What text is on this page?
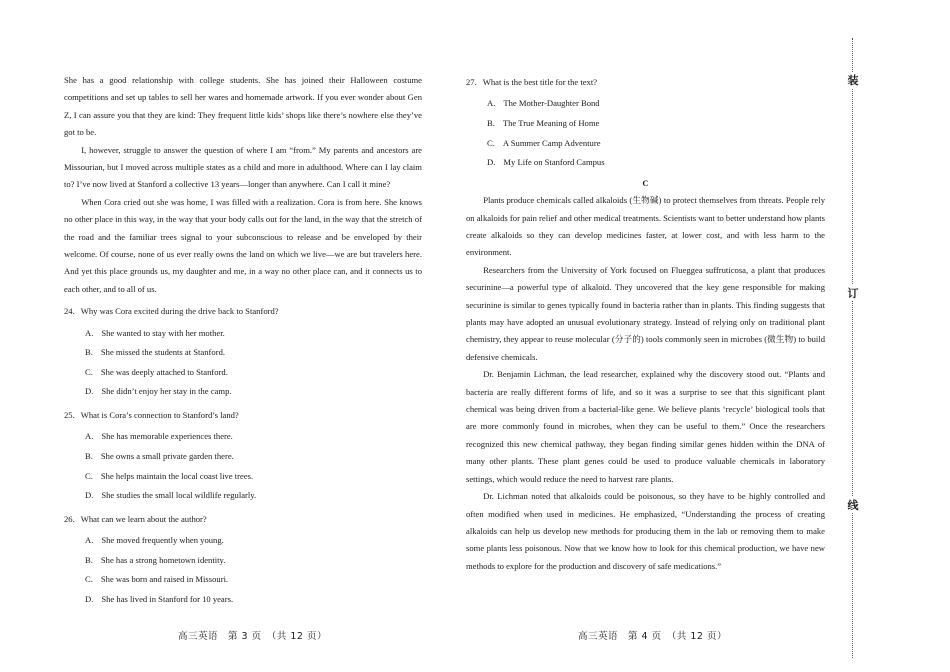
She has a good relationship with college students. She has joined their Halloween costume competitions and set up tables to sell her wares and homemade artwork. If you ever wonder about Gen Z, I can assure you that they are kind: They frequent little kids’ shops like there’s nowhere else they’ve got to be.

I, however, struggle to answer the question of where I am “from.” My parents and ancestors are Missourian, but I moved across multiple states as a child and more in adulthood. Where can I lay claim to? I’ve now lived at Stanford a collective 13 years—longer than anywhere. Can I call it mine?

When Cora cried out she was home, I was filled with a realization. Cora is from here. She knows no other place in this way, in the way that your body calls out for the land, in the way that the stretch of the road and the familiar trees signal to your subconscious to release and be enveloped by their welcome. Of course, none of us ever really owns the land on which we live—we are but travelers here. And yet this place grounds us, my daughter and me, in a way no other place can, and it connects us to each other, and to all of us.

24. Why was Cora excited during the drive back to Stanford?

A. She wanted to stay with her mother.

B. She missed the students at Stanford.

C. She was deeply attached to Stanford.

D. She didn’t enjoy her stay in the camp.

25. What is Cora’s connection to Stanford’s land?

A. She has memorable experiences there.

B. She owns a small private garden there.

C. She helps maintain the local coast live trees.

D. She studies the small local wildlife regularly.

26. What can we learn about the author?

A. She moved frequently when young.

B. She has a strong hometown identity.

C. She was born and raised in Missouri.

D. She has lived in Stanford for 10 years.

27. What is the best title for the text?

A. The Mother-Daughter Bond

B. The True Meaning of Home

C. A Summer Camp Adventure

D. My Life on Stanford Campus

C

Plants produce chemicals called alkaloids (生物碱) to protect themselves from threats. People rely on alkaloids for pain relief and other medical treatments. Scientists want to better understand how plants create alkaloids so they can develop medicines faster, at lower cost, and with less harm to the environment.

Researchers from the University of York focused on Flueggea suffruticosa, a plant that produces securinine—a powerful type of alkaloid. They uncovered that the key gene responsible for making securinine is similar to genes typically found in bacteria rather than in plants. This finding suggests that plants may have adopted an unusual evolutionary strategy. Instead of relying only on traditional plant chemistry, they appear to reuse molecular (分子的) tools commonly seen in microbes (微生物) to build defensive chemicals.

Dr. Benjamin Lichman, the lead researcher, explained why the discovery stood out. “Plants and bacteria are really different forms of life, and so it was a surprise to see that this significant plant chemical was being driven from a bacterial-like gene. We believe plants ‘recycle’ biological tools that are more commonly found in microbes, when they can be useful to them.” Once the researchers recognized this new chemical pathway, they began finding similar genes hidden within the DNA of many other plants. These plant genes could be used to produce valuable chemicals in laboratory settings, which would reduce the need to harvest rare plants.

Dr. Lichman noted that alkaloids could be poisonous, so they have to be highly controlled and often modified when used in medicines. He emphasized, “Understanding the process of creating alkaloids can help us develop new methods for producing them in the lab or removing them to make some plants less poisonous. Now that we know how to look for this chemical production, we have new methods to explore for the production and discovery of safe medications.”

高三英语　第 3 页　（共 12 页）	高三英语　第 4 页　（共 12 页）
装
订
线
